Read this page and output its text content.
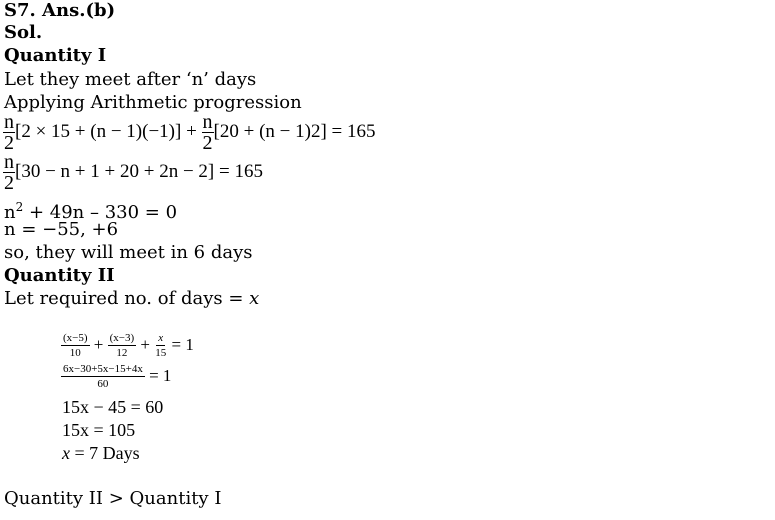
S7. Ans.(b)
Sol.
Quantity I
Let they meet after ‘n’ days
Applying Arithmetic progression
$\frac{n}{2} [2 \times 15 + (n - 1)(-1)] + \frac{n}{2} [20 + (n - 1)2] = 165$
$\frac{n}{2} [30 - n + 1 + 20 + 2n - 2] = 165$
$n^2 + 49n - 330 = 0$
n = −55, +6
so, they will meet in 6 days
Quantity II
Let required no. of days = x
$\frac{(x-5)}{10} + \frac{(x-3)}{12} + \frac{x}{15} = 1$
$\frac{6x-30+5x-15+4x}{60} = 1$
15x − 45 = 60
15x = 105
x = 7 Days
Quantity II > Quantity I
